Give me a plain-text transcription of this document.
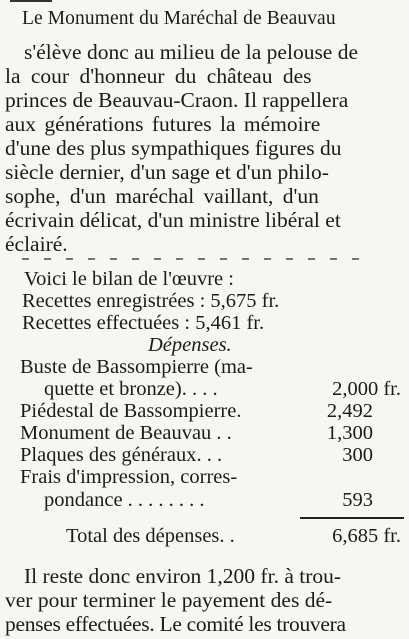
Le Monument du Maréchal de Beauvau
s'élève donc au milieu de la pelouse de
la cour d'honneur du château des
princes de Beauvau-Craon. Il rappellera
aux générations futures la mémoire
d'une des plus sympathiques figures du
siècle dernier, d'un sage et d'un philo-
sophe, d'un maréchal vaillant, d'un
écrivain délicat, d'un ministre libéral et
éclairé.
Voici le bilan de l'œuvre :
Recettes enregistrées : 5,675 fr.
Recettes effectuées : 5,461 fr.
Dépenses.
Buste de Bassompierre (ma-
quette et bronze). . . .	2,000 fr.
Piédestal de Bassompierre.	2,492
Monument de Beauvau . .	1,300
Plaques des généraux. . .	300
Frais d'impression, corres-
pondance . . . . . . . .	593
Total des dépenses. .	6,685 fr.
Il reste donc environ 1,200 fr. à trou-
ver pour terminer le payement des dé-
penses effectuées. Le comité les trouvera
